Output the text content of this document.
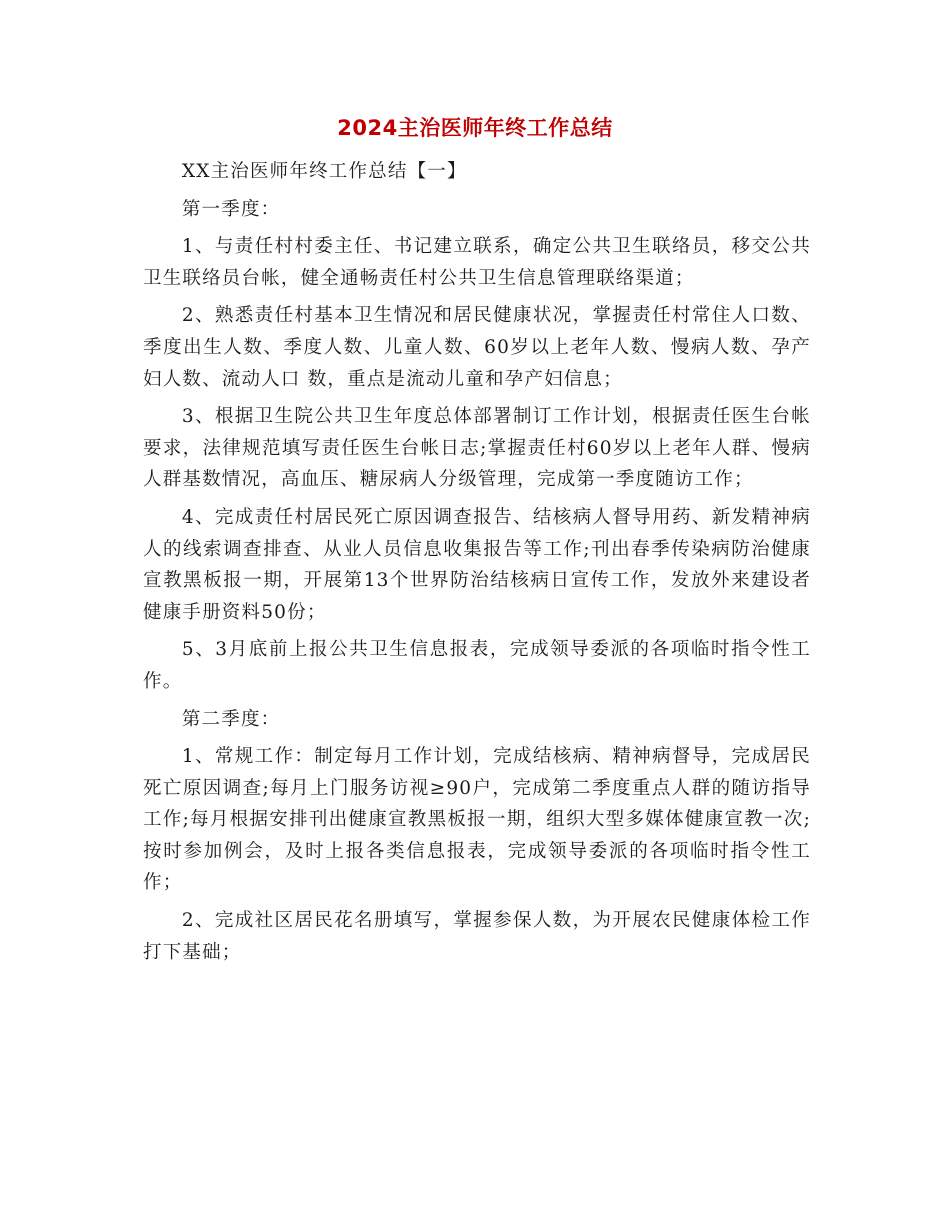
2024主治医师年终工作总结

XX主治医师年终工作总结【一】

第一季度：

1、与责任村村委主任、书记建立联系，确定公共卫生联络员，移交公共卫生联络员台帐，健全通畅责任村公共卫生信息管理联络渠道；

2、熟悉责任村基本卫生情况和居民健康状况，掌握责任村常住人口数、季度出生人数、季度人数、儿童人数、60岁以上老年人数、慢病人数、孕产妇人数、流动人口 数，重点是流动儿童和孕产妇信息；

3、根据卫生院公共卫生年度总体部署制订工作计划，根据责任医生台帐要求，法律规范填写责任医生台帐日志;掌握责任村60岁以上老年人群、慢病人群基数情况，高血压、糖尿病人分级管理，完成第一季度随访工作；

4、完成责任村居民死亡原因调查报告、结核病人督导用药、新发精神病人的线索调查排查、从业人员信息收集报告等工作;刊出春季传染病防治健康宣教黑板报一期，开展第13个世界防治结核病日宣传工作，发放外来建设者健康手册资料50份；

5、3月底前上报公共卫生信息报表，完成领导委派的各项临时指令性工作。

第二季度：

1、常规工作：制定每月工作计划，完成结核病、精神病督导，完成居民死亡原因调查;每月上门服务访视≥90户，完成第二季度重点人群的随访指导工作;每月根据安排刊出健康宣教黑板报一期，组织大型多媒体健康宣教一次;按时参加例会，及时上报各类信息报表，完成领导委派的各项临时指令性工作；

2、完成社区居民花名册填写，掌握参保人数，为开展农民健康体检工作打下基础；
